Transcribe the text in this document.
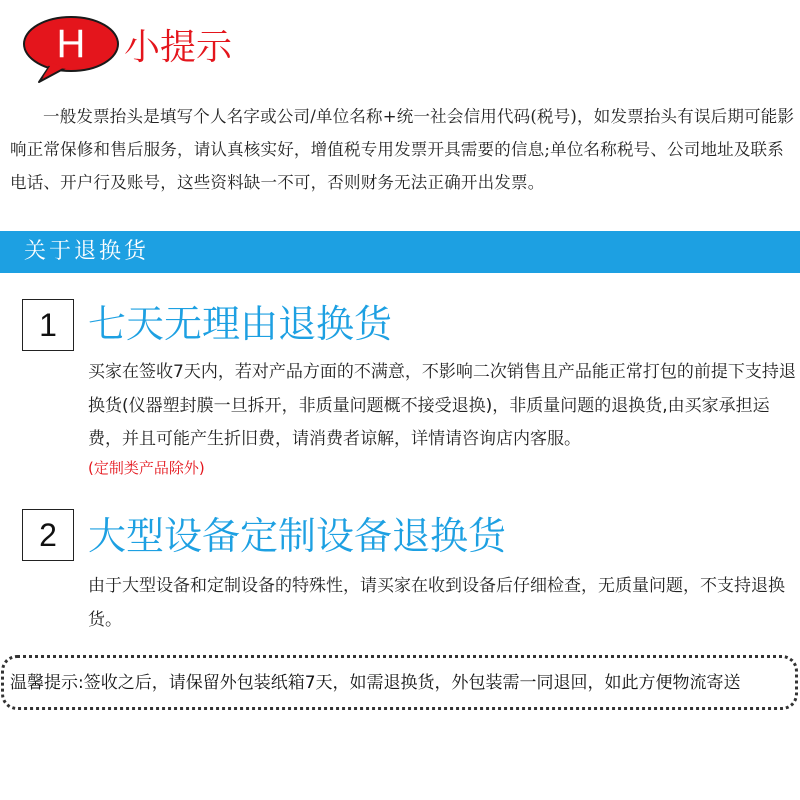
H	小提示
一般发票抬头是填写个人名字或公司/单位名称+统一社会信用代码(税号)，如发票抬头有误后期可能影响正常保修和售后服务，请认真核实好，增值税专用发票开具需要的信息;单位名称税号、公司地址及联系电话、开户行及账号，这些资料缺一不可，否则财务无法正确开出发票。
关于退换货
1 七天无理由退换货
买家在签收7天内，若对产品方面的不满意，不影响二次销售且产品能正常打包的前提下支持退换货(仪器塑封膜一旦拆开，非质量问题概不接受退换)，非质量问题的退换货,由买家承担运费，并且可能产生折旧费，请消费者谅解，详情请咨询店内客服。
(定制类产品除外)
2 大型设备定制设备退换货
由于大型设备和定制设备的特殊性，请买家在收到设备后仔细检查，无质量问题，不支持退换货。
温馨提示:签收之后，请保留外包装纸箱7天，如需退换货，外包装需一同退回，如此方便物流寄送
